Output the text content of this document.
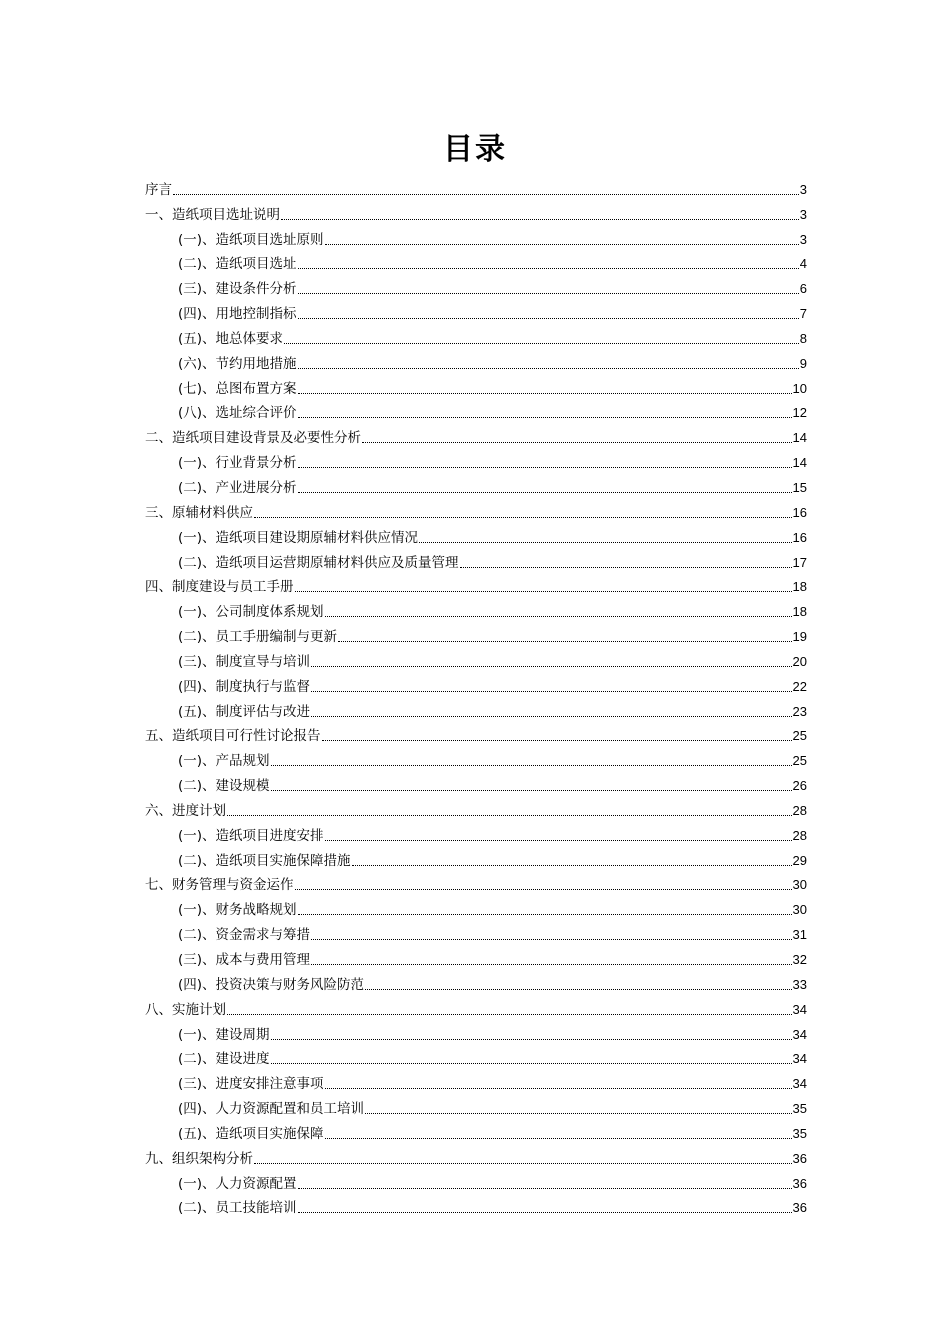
目录
序言	3
一、造纸项目选址说明	3
(一)、造纸项目选址原则	3
(二)、造纸项目选址	4
(三)、建设条件分析	6
(四)、用地控制指标	7
(五)、地总体要求	8
(六)、节约用地措施	9
(七)、总图布置方案	10
(八)、选址综合评价	12
二、造纸项目建设背景及必要性分析	14
(一)、行业背景分析	14
(二)、产业进展分析	15
三、原辅材料供应	16
(一)、造纸项目建设期原辅材料供应情况	16
(二)、造纸项目运营期原辅材料供应及质量管理	17
四、制度建设与员工手册	18
(一)、公司制度体系规划	18
(二)、员工手册编制与更新	19
(三)、制度宣导与培训	20
(四)、制度执行与监督	22
(五)、制度评估与改进	23
五、造纸项目可行性讨论报告	25
(一)、产品规划	25
(二)、建设规模	26
六、进度计划	28
(一)、造纸项目进度安排	28
(二)、造纸项目实施保障措施	29
七、财务管理与资金运作	30
(一)、财务战略规划	30
(二)、资金需求与筹措	31
(三)、成本与费用管理	32
(四)、投资决策与财务风险防范	33
八、实施计划	34
(一)、建设周期	34
(二)、建设进度	34
(三)、进度安排注意事项	34
(四)、人力资源配置和员工培训	35
(五)、造纸项目实施保障	35
九、组织架构分析	36
(一)、人力资源配置	36
(二)、员工技能培训	36
